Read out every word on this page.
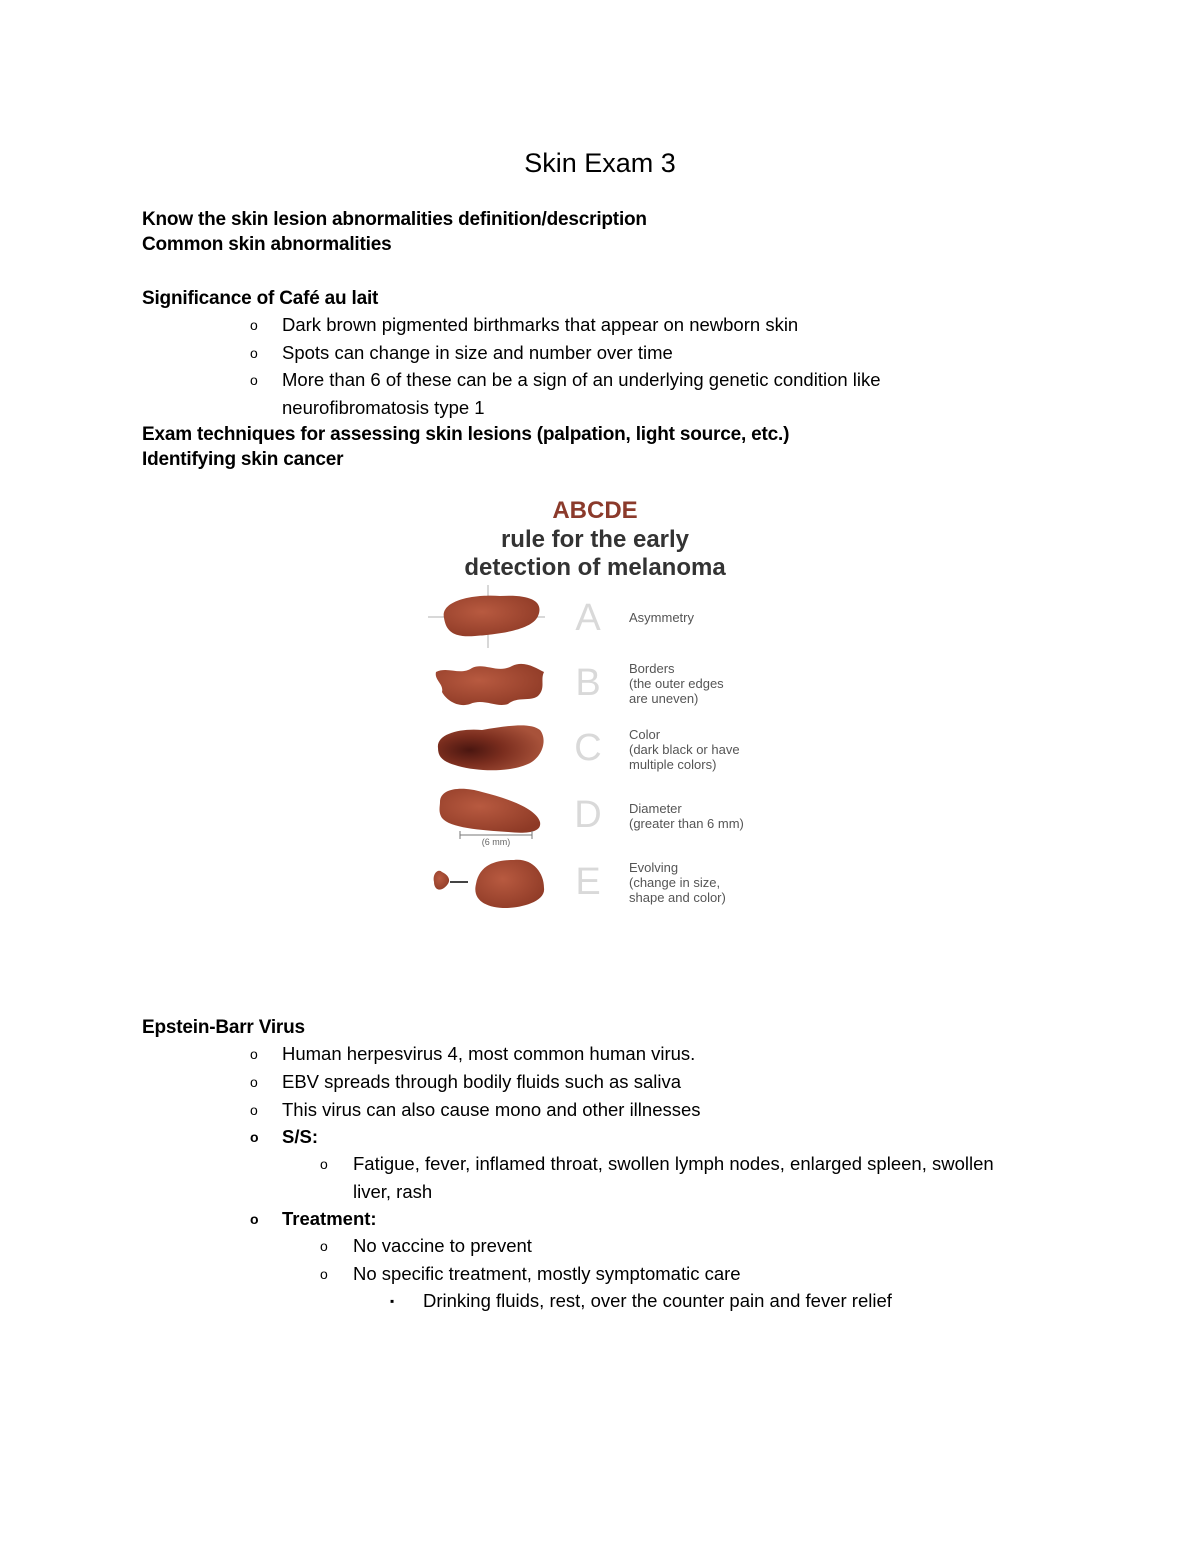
Skin Exam 3
Know the skin lesion abnormalities definition/description
Common skin abnormalities
Significance of Café au lait
o Dark brown pigmented birthmarks that appear on newborn skin
o Spots can change in size and number over time
o More than 6 of these can be a sign of an underlying genetic condition like
neurofibromatosis type 1
Exam techniques for assessing skin lesions (palpation, light source, etc.)
Identifying skin cancer
ABCDE
rule for the early
detection of melanoma
A Asymmetry
B Borders
(the outer edges
are uneven)
C Color
(dark black or have
multiple colors)
(6 mm)
D Diameter
(greater than 6 mm)
E Evolving
(change in size,
shape and color)
Epstein-Barr Virus
o Human herpesvirus 4, most common human virus.
o EBV spreads through bodily fluids such as saliva
o This virus can also cause mono and other illnesses
o S/S:
o Fatigue, fever, inflamed throat, swollen lymph nodes, enlarged spleen, swollen
liver, rash
o Treatment:
o No vaccine to prevent
o No specific treatment, mostly symptomatic care
▪ Drinking fluids, rest, over the counter pain and fever relief
